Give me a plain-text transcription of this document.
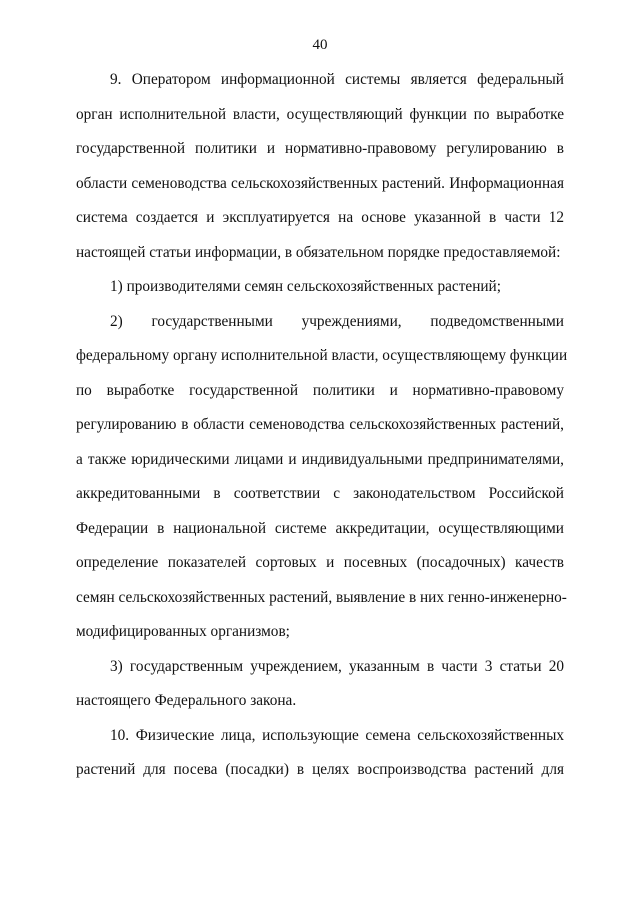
40
9. Оператором информационной системы является федеральный
орган исполнительной власти, осуществляющий функции по выработке
государственной политики и нормативно-правовому регулированию в
области семеноводства сельскохозяйственных растений. Информационная
система создается и эксплуатируется на основе указанной в части 12
настоящей статьи информации, в обязательном порядке предоставляемой:
1) производителями семян сельскохозяйственных растений;
2) государственными учреждениями, подведомственными
федеральному органу исполнительной власти, осуществляющему функции
по выработке государственной политики и нормативно-правовому
регулированию в области семеноводства сельскохозяйственных растений,
а также юридическими лицами и индивидуальными предпринимателями,
аккредитованными в соответствии с законодательством Российской
Федерации в национальной системе аккредитации, осуществляющими
определение показателей сортовых и посевных (посадочных) качеств
семян сельскохозяйственных растений, выявление в них генно-инженерно-
модифицированных организмов;
3) государственным учреждением, указанным в части 3 статьи 20
настоящего Федерального закона.
10. Физические лица, использующие семена сельскохозяйственных
растений для посева (посадки) в целях воспроизводства растений для
